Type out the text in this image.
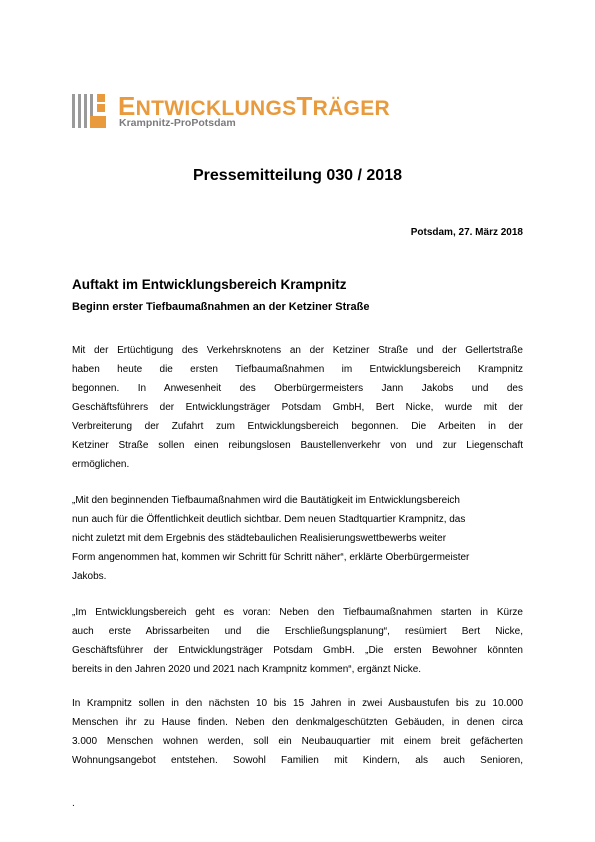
ENTWICKLUNGSTRÄGER
Krampnitz-ProPotsdam
Pressemitteilung 030 / 2018

Potsdam, 27. März 2018

Auftakt im Entwicklungsbereich Krampnitz
Beginn erster Tiefbaumaßnahmen an der Ketziner Straße

Mit der Ertüchtigung des Verkehrsknotens an der Ketziner Straße und der Gellertstraße
haben heute die ersten Tiefbaumaßnahmen im Entwicklungsbereich Krampnitz
begonnen. In Anwesenheit des Oberbürgermeisters Jann Jakobs und des
Geschäftsführers der Entwicklungsträger Potsdam GmbH, Bert Nicke, wurde mit der
Verbreiterung der Zufahrt zum Entwicklungsbereich begonnen. Die Arbeiten in der
Ketziner Straße sollen einen reibungslosen Baustellenverkehr von und zur Liegenschaft
ermöglichen.

„Mit den beginnenden Tiefbaumaßnahmen wird die Bautätigkeit im Entwicklungsbereich
nun auch für die Öffentlichkeit deutlich sichtbar. Dem neuen Stadtquartier Krampnitz, das
nicht zuletzt mit dem Ergebnis des städtebaulichen Realisierungswettbewerbs weiter
Form angenommen hat, kommen wir Schritt für Schritt näher“, erklärte Oberbürgermeister
Jakobs.

„Im Entwicklungsbereich geht es voran: Neben den Tiefbaumaßnahmen starten in Kürze
auch erste Abrissarbeiten und die Erschließungsplanung“, resümiert Bert Nicke,
Geschäftsführer der Entwicklungsträger Potsdam GmbH. „Die ersten Bewohner könnten
bereits in den Jahren 2020 und 2021 nach Krampnitz kommen“, ergänzt Nicke.

In Krampnitz sollen in den nächsten 10 bis 15 Jahren in zwei Ausbaustufen bis zu 10.000
Menschen ihr zu Hause finden. Neben den denkmalgeschützten Gebäuden, in denen circa
3.000 Menschen wohnen werden, soll ein Neubauquartier mit einem breit gefächerten
Wohnungsangebot entstehen. Sowohl Familien mit Kindern, als auch Senioren,

.
